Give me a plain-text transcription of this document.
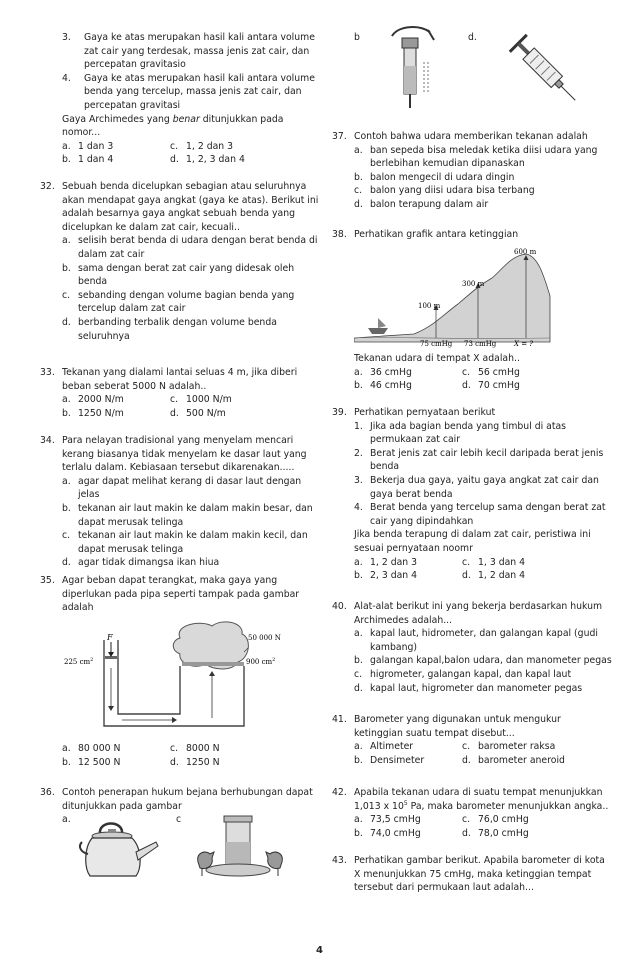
3. Gaya ke atas merupakan hasil kali antara volume zat cair yang terdesak, massa jenis zat cair, dan percepatan gravitasio
4. Gaya ke atas merupakan hasil kali antara volume benda yang tercelup, massa jenis zat cair, dan percepatan gravitasi
Gaya Archimedes yang benar ditunjukkan pada nomor...
a. 1 dan 3	c. 1, 2 dan 3
b. 1 dan 4	d. 1, 2, 3 dan 4
32. Sebuah benda dicelupkan sebagian atau seluruhnya akan mendapat gaya angkat (gaya ke atas). Berikut ini adalah besarnya gaya angkat sebuah benda yang dicelupkan ke dalam zat cair, kecuali..
a. selisih berat benda di udara dengan berat benda di dalam zat cair
b. sama dengan berat zat cair yang didesak oleh benda
c. sebanding dengan volume bagian benda yang tercelup dalam zat cair
d. berbanding terbalik dengan volume benda seluruhnya
33. Tekanan yang dialami lantai seluas 4 m, jika diberi beban seberat 5000 N adalah..
a. 2000 N/m	c. 1000 N/m
b. 1250 N/m	d. 500 N/m
34. Para nelayan tradisional yang menyelam mencari kerang biasanya tidak menyelam ke dasar laut yang terlalu dalam. Kebiasaan tersebut dikarenakan.....
a. agar dapat melihat kerang di dasar laut dengan jelas
b. tekanan air laut makin ke dalam makin besar, dan dapat merusak telinga
c. tekanan air laut makin ke dalam makin kecil, dan dapat merusak telinga
d. agar tidak dimangsa ikan hiua
35. Agar beban dapat terangkat, maka gaya yang diperlukan pada pipa seperti tampak pada gambar adalah
F
225 $cm^2$	900 $cm^2$
50 000 N
a. 80 000 N	c. 8000 N
b. 12 500 N	d. 1250 N
36. Contoh penerapan hukum bejana berhubungan dapat ditunjukkan pada gambar
a.	c
b	d.
37. Contoh bahwa udara memberikan tekanan adalah
a. ban sepeda bisa meledak ketika diisi udara yang berlebihan kemudian dipanaskan
b. balon mengecil di udara dingin
c. balon yang diisi udara bisa terbang
d. balon terapung dalam air
38. Perhatikan grafik antara ketinggian
600 m
300 m
100 m
75 cmHg 73 cmHg	X = ?
Tekanan udara di tempat X adalah..
a. 36 cmHg	c. 56 cmHg
b. 46 cmHg	d. 70 cmHg
39. Perhatikan pernyataan berikut
1. Jika ada bagian benda yang timbul di atas permukaan zat cair
2. Berat jenis zat cair lebih kecil daripada berat jenis benda
3. Bekerja dua gaya, yaitu gaya angkat zat cair dan gaya berat benda
4. Berat benda yang tercelup sama dengan berat zat cair yang dipindahkan
Jika benda terapung di dalam zat cair, peristiwa ini sesuai pernyataan noomr
a. 1, 2 dan 3	c. 1, 3 dan 4
b. 2, 3 dan 4	d. 1, 2 dan 4
40. Alat-alat berikut ini yang bekerja berdasarkan hukum Archimedes adalah...
a. kapal laut, hidrometer, dan galangan kapal (gudi kambang)
b. galangan kapal,balon udara, dan manometer pegas
c. higrometer, galangan kapal, dan kapal laut
d. kapal laut, higrometer dan manometer pegas
41. Barometer yang digunakan untuk mengukur ketinggian suatu tempat disebut...
a. Altimeter	c. barometer raksa
b. Densimeter	d. barometer aneroid
42. Apabila tekanan udara di suatu tempat menunjukkan 1,013 x $10^5$ Pa, maka barometer menunjukkan angka..
a. 73,5 cmHg	c. 76,0 cmHg
b. 74,0 cmHg	d. 78,0 cmHg
43. Perhatikan gambar berikut. Apabila barometer di kota X menunjukkan 75 cmHg, maka ketinggian tempat tersebut dari permukaan laut adalah...
4
